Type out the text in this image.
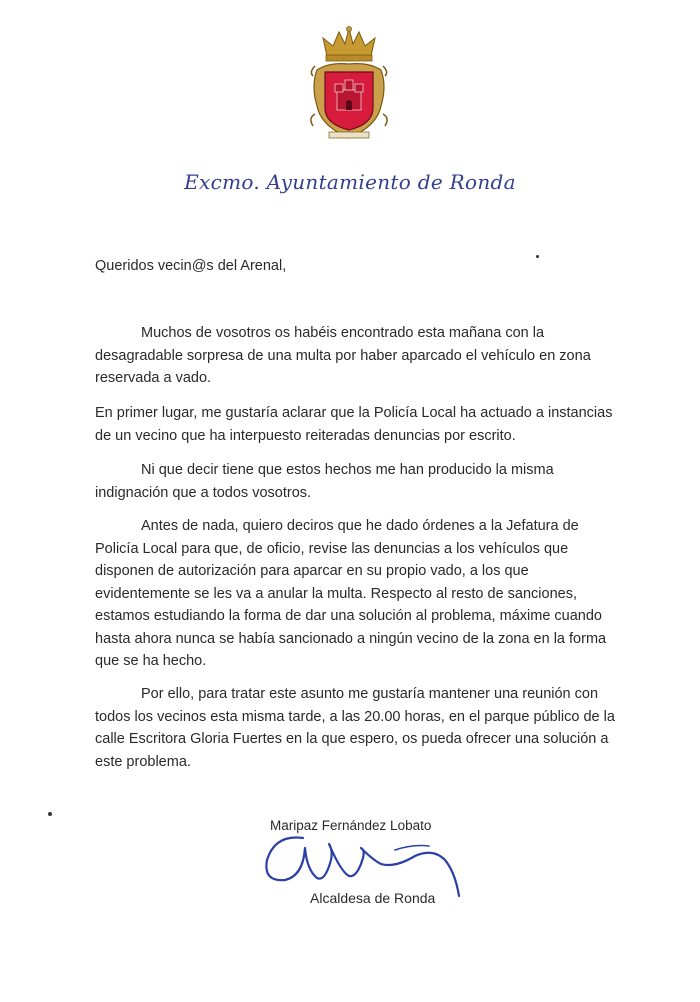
Excmo. Ayuntamiento de Ronda
Queridos vecin@s del Arenal,

Muchos de vosotros os habéis encontrado esta mañana con la desagradable sorpresa de una multa por haber aparcado el vehículo en zona reservada a vado.

En primer lugar, me gustaría aclarar que la Policía Local ha actuado a instancias de un vecino que ha interpuesto reiteradas denuncias por escrito.

Ni que decir tiene que estos hechos me han producido la misma indignación que a todos vosotros.

Antes de nada, quiero deciros que he dado órdenes a la Jefatura de Policía Local para que, de oficio, revise las denuncias a los vehículos que disponen de autorización para aparcar en su propio vado, a los que evidentemente se les va a anular la multa. Respecto al resto de sanciones, estamos estudiando la forma de dar una solución al problema, máxime cuando hasta ahora nunca se había sancionado a ningún vecino de la zona en la forma que se ha hecho.

Por ello, para tratar este asunto me gustaría mantener una reunión con todos los vecinos esta misma tarde, a las 20.00 horas, en el parque público de la calle Escritora Gloria Fuertes en la que espero, os pueda ofrecer una solución a este problema.

Maripaz Fernández Lobato
Alcaldesa de Ronda
